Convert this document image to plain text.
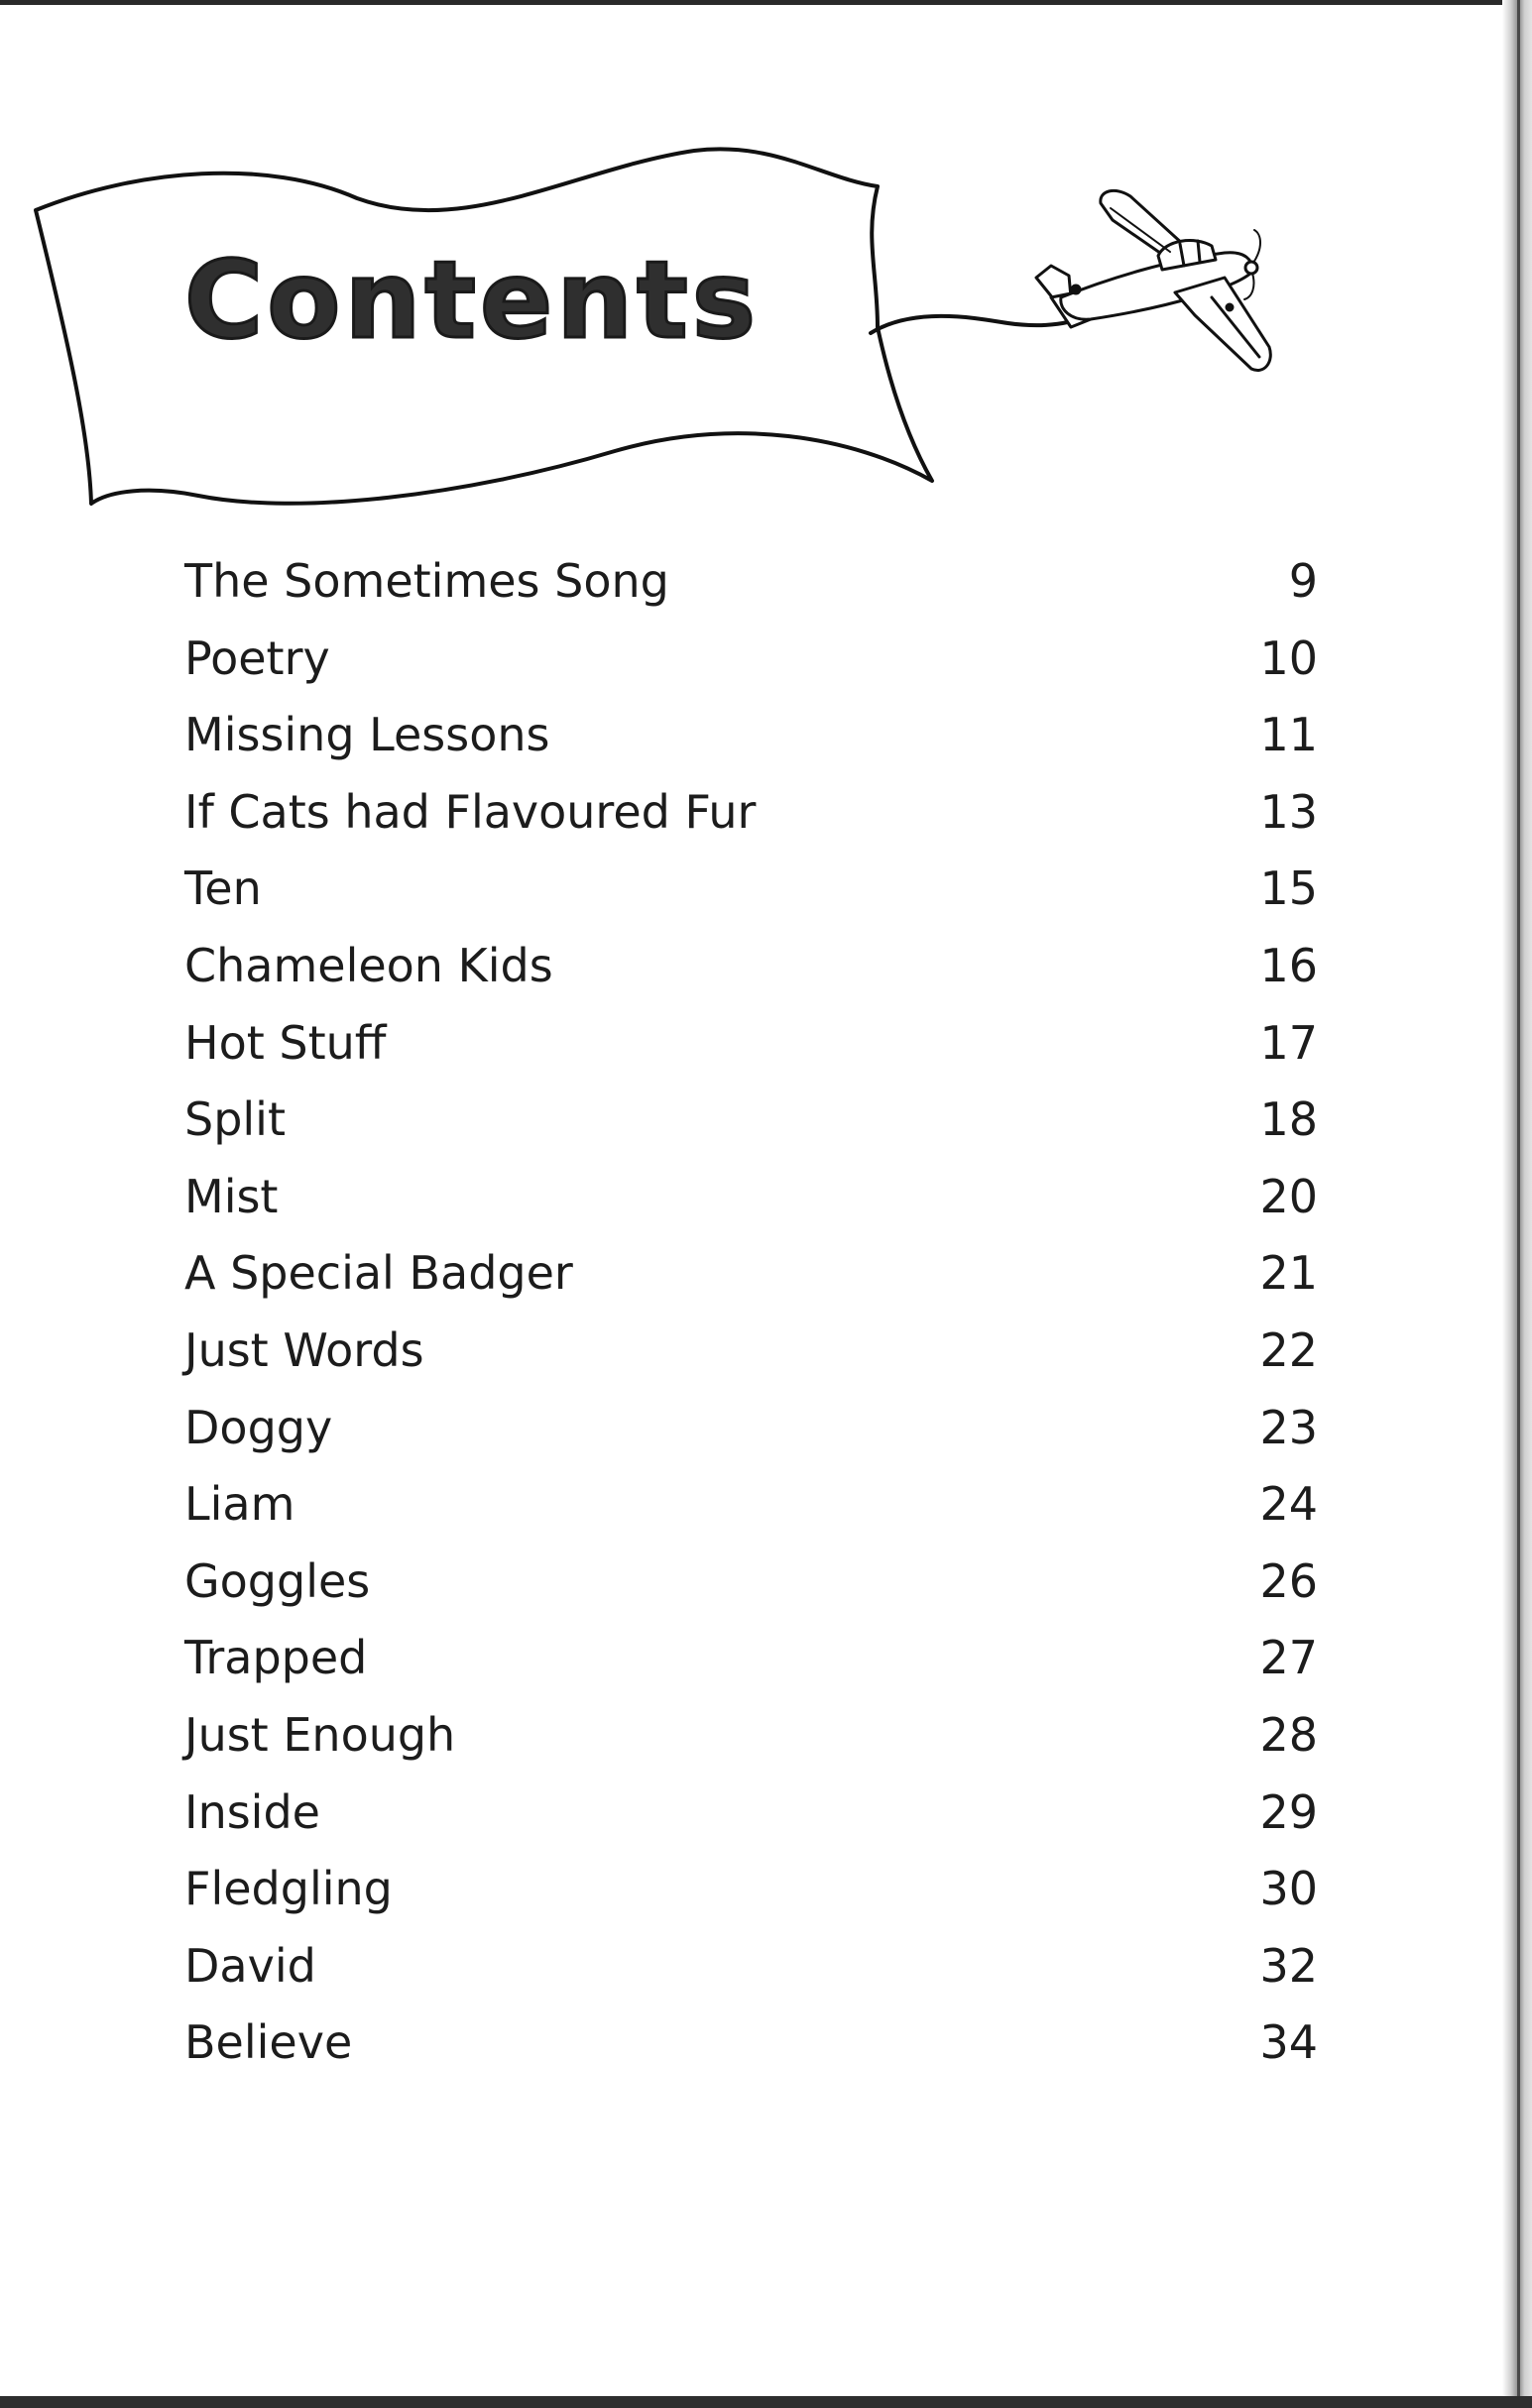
Contents
The Sometimes Song	9
Poetry	10
Missing Lessons	11
If Cats had Flavoured Fur	13
Ten	15
Chameleon Kids	16
Hot Stuff	17
Split	18
Mist	20
A Special Badger	21
Just Words	22
Doggy	23
Liam	24
Goggles	26
Trapped	27
Just Enough	28
Inside	29
Fledgling	30
David	32
Believe	34
